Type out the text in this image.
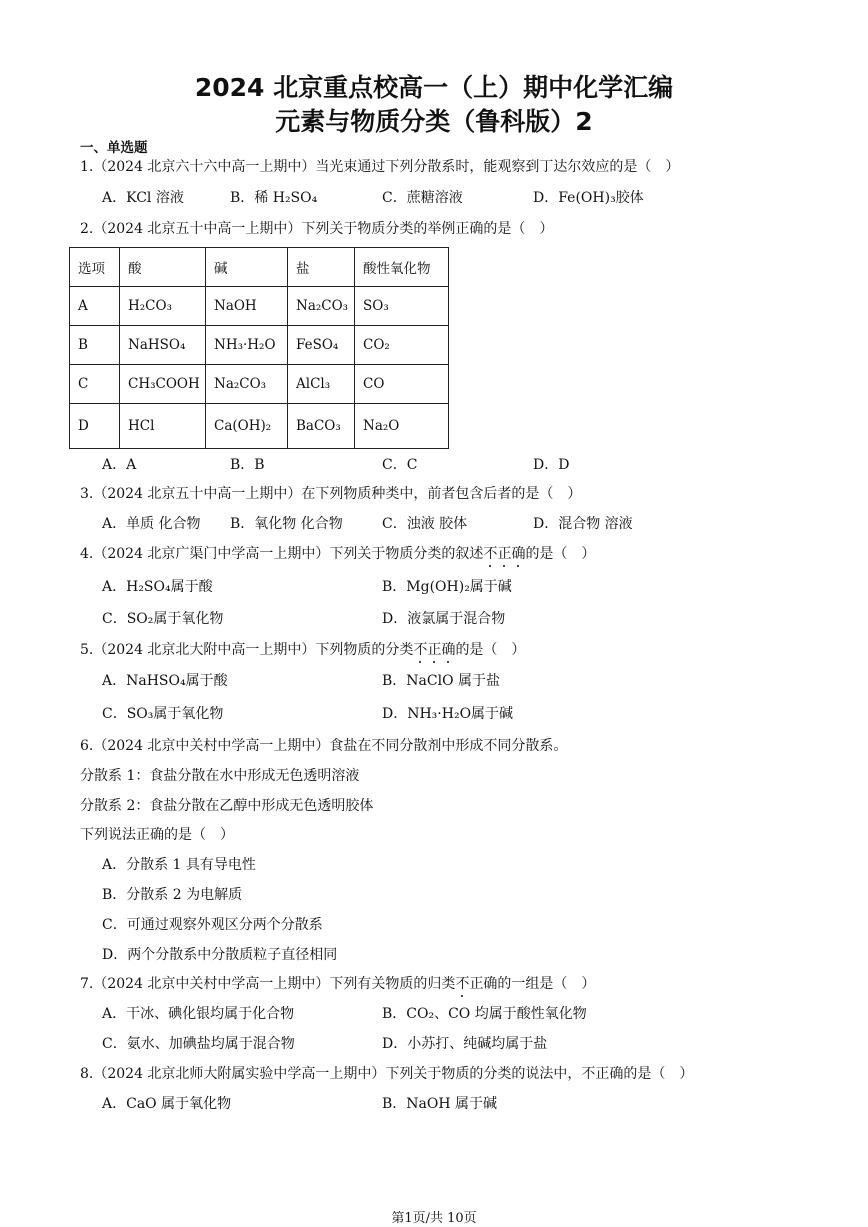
2024 北京重点校高一（上）期中化学汇编
元素与物质分类（鲁科版）2
一、单选题
1.（2024 北京六十六中高一上期中）当光束通过下列分散系时，能观察到丁达尔效应的是（　）
A．KCl 溶液	B．稀 H₂SO₄	C．蔗糖溶液	D．Fe(OH)₃胶体
2.（2024 北京五十中高一上期中）下列关于物质分类的举例正确的是（　）
选项	酸	碱	盐	酸性氧化物
A	H₂CO₃	NaOH	Na₂CO₃	SO₃
B	NaHSO₄	NH₃·H₂O	FeSO₄	CO₂
C	CH₃COOH	Na₂CO₃	AlCl₃	CO
D	HCl	Ca(OH)₂	BaCO₃	Na₂O
A．A	B．B	C．C	D．D
3.（2024 北京五十中高一上期中）在下列物质种类中，前者包含后者的是（　）
A．单质 化合物 B．氧化物 化合物	C．浊液 胶体	D．混合物 溶液
4.（2024 北京广渠门中学高一上期中）下列关于物质分类的叙述不正确的是（　）
A．H₂SO₄属于酸	B．Mg(OH)₂属于碱
C．SO₂属于氧化物	D．液氯属于混合物
5.（2024 北京北大附中高一上期中）下列物质的分类不正确的是（　）
A．NaHSO₄属于酸	B．NaClO 属于盐
C．SO₃属于氧化物	D．NH₃·H₂O属于碱
6.（2024 北京中关村中学高一上期中）食盐在不同分散剂中形成不同分散系。
分散系 1：食盐分散在水中形成无色透明溶液
分散系 2：食盐分散在乙醇中形成无色透明胶体
下列说法正确的是（　）
A．分散系 1 具有导电性
B．分散系 2 为电解质
C．可通过观察外观区分两个分散系
D．两个分散系中分散质粒子直径相同
7.（2024 北京中关村中学高一上期中）下列有关物质的归类不正确的一组是（　）
A．干冰、碘化银均属于化合物	B．CO₂、CO 均属于酸性氧化物
C．氨水、加碘盐均属于混合物	D．小苏打、纯碱均属于盐
8.（2024 北京北师大附属实验中学高一上期中）下列关于物质的分类的说法中，不正确的是（　）
A．CaO 属于氧化物	B．NaOH 属于碱
第1页/共 10页
